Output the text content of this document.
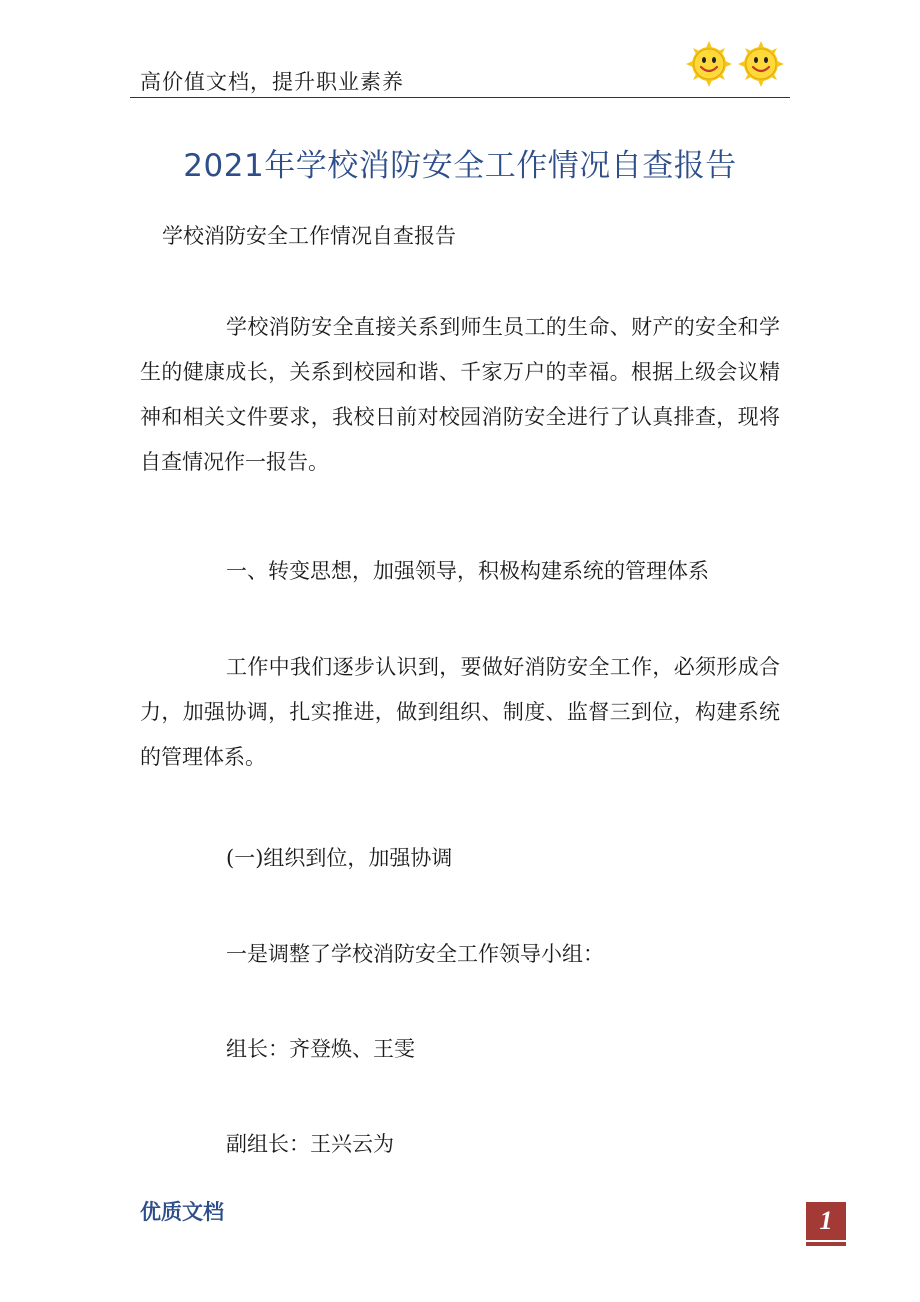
高价值文档，提升职业素养
2021年学校消防安全工作情况自查报告
学校消防安全工作情况自查报告
学校消防安全直接关系到师生员工的生命、财产的安全和学生的健康成长，关系到校园和谐、千家万户的幸福。根据上级会议精神和相关文件要求，我校日前对校园消防安全进行了认真排查，现将自查情况作一报告。
一、转变思想，加强领导，积极构建系统的管理体系
工作中我们逐步认识到，要做好消防安全工作，必须形成合力，加强协调，扎实推进，做到组织、制度、监督三到位，构建系统的管理体系。
(一)组织到位，加强协调
一是调整了学校消防安全工作领导小组：
组长：齐登焕、王雯
副组长：王兴云为
优质文档	1
